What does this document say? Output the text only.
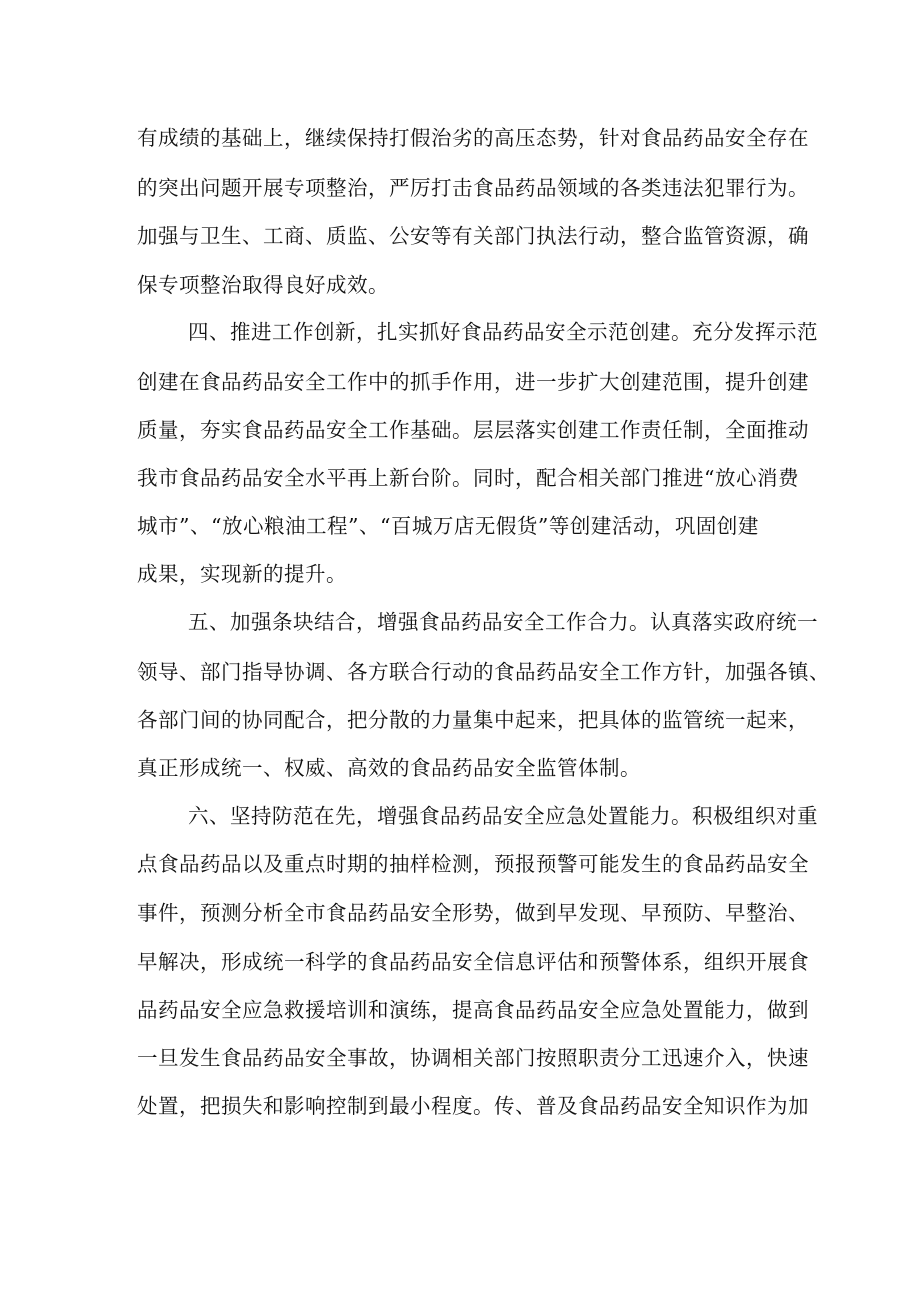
有成绩的基础上，继续保持打假治劣的高压态势，针对食品药品安全存在
的突出问题开展专项整治，严厉打击食品药品领域的各类违法犯罪行为。
加强与卫生、工商、质监、公安等有关部门执法行动，整合监管资源，确
保专项整治取得良好成效。
四、推进工作创新，扎实抓好食品药品安全示范创建。充分发挥示范
创建在食品药品安全工作中的抓手作用，进一步扩大创建范围，提升创建
质量，夯实食品药品安全工作基础。层层落实创建工作责任制，全面推动
我市食品药品安全水平再上新台阶。同时，配合相关部门推进“放心消费
城市”、“放心粮油工程”、“百城万店无假货”等创建活动，巩固创建
成果，实现新的提升。
五、加强条块结合，增强食品药品安全工作合力。认真落实政府统一
领导、部门指导协调、各方联合行动的食品药品安全工作方针，加强各镇、
各部门间的协同配合，把分散的力量集中起来，把具体的监管统一起来，
真正形成统一、权威、高效的食品药品安全监管体制。
六、坚持防范在先，增强食品药品安全应急处置能力。积极组织对重
点食品药品以及重点时期的抽样检测，预报预警可能发生的食品药品安全
事件，预测分析全市食品药品安全形势，做到早发现、早预防、早整治、
早解决，形成统一科学的食品药品安全信息评估和预警体系，组织开展食
品药品安全应急救援培训和演练，提高食品药品安全应急处置能力，做到
一旦发生食品药品安全事故，协调相关部门按照职责分工迅速介入，快速
处置，把损失和影响控制到最小程度。传、普及食品药品安全知识作为加
